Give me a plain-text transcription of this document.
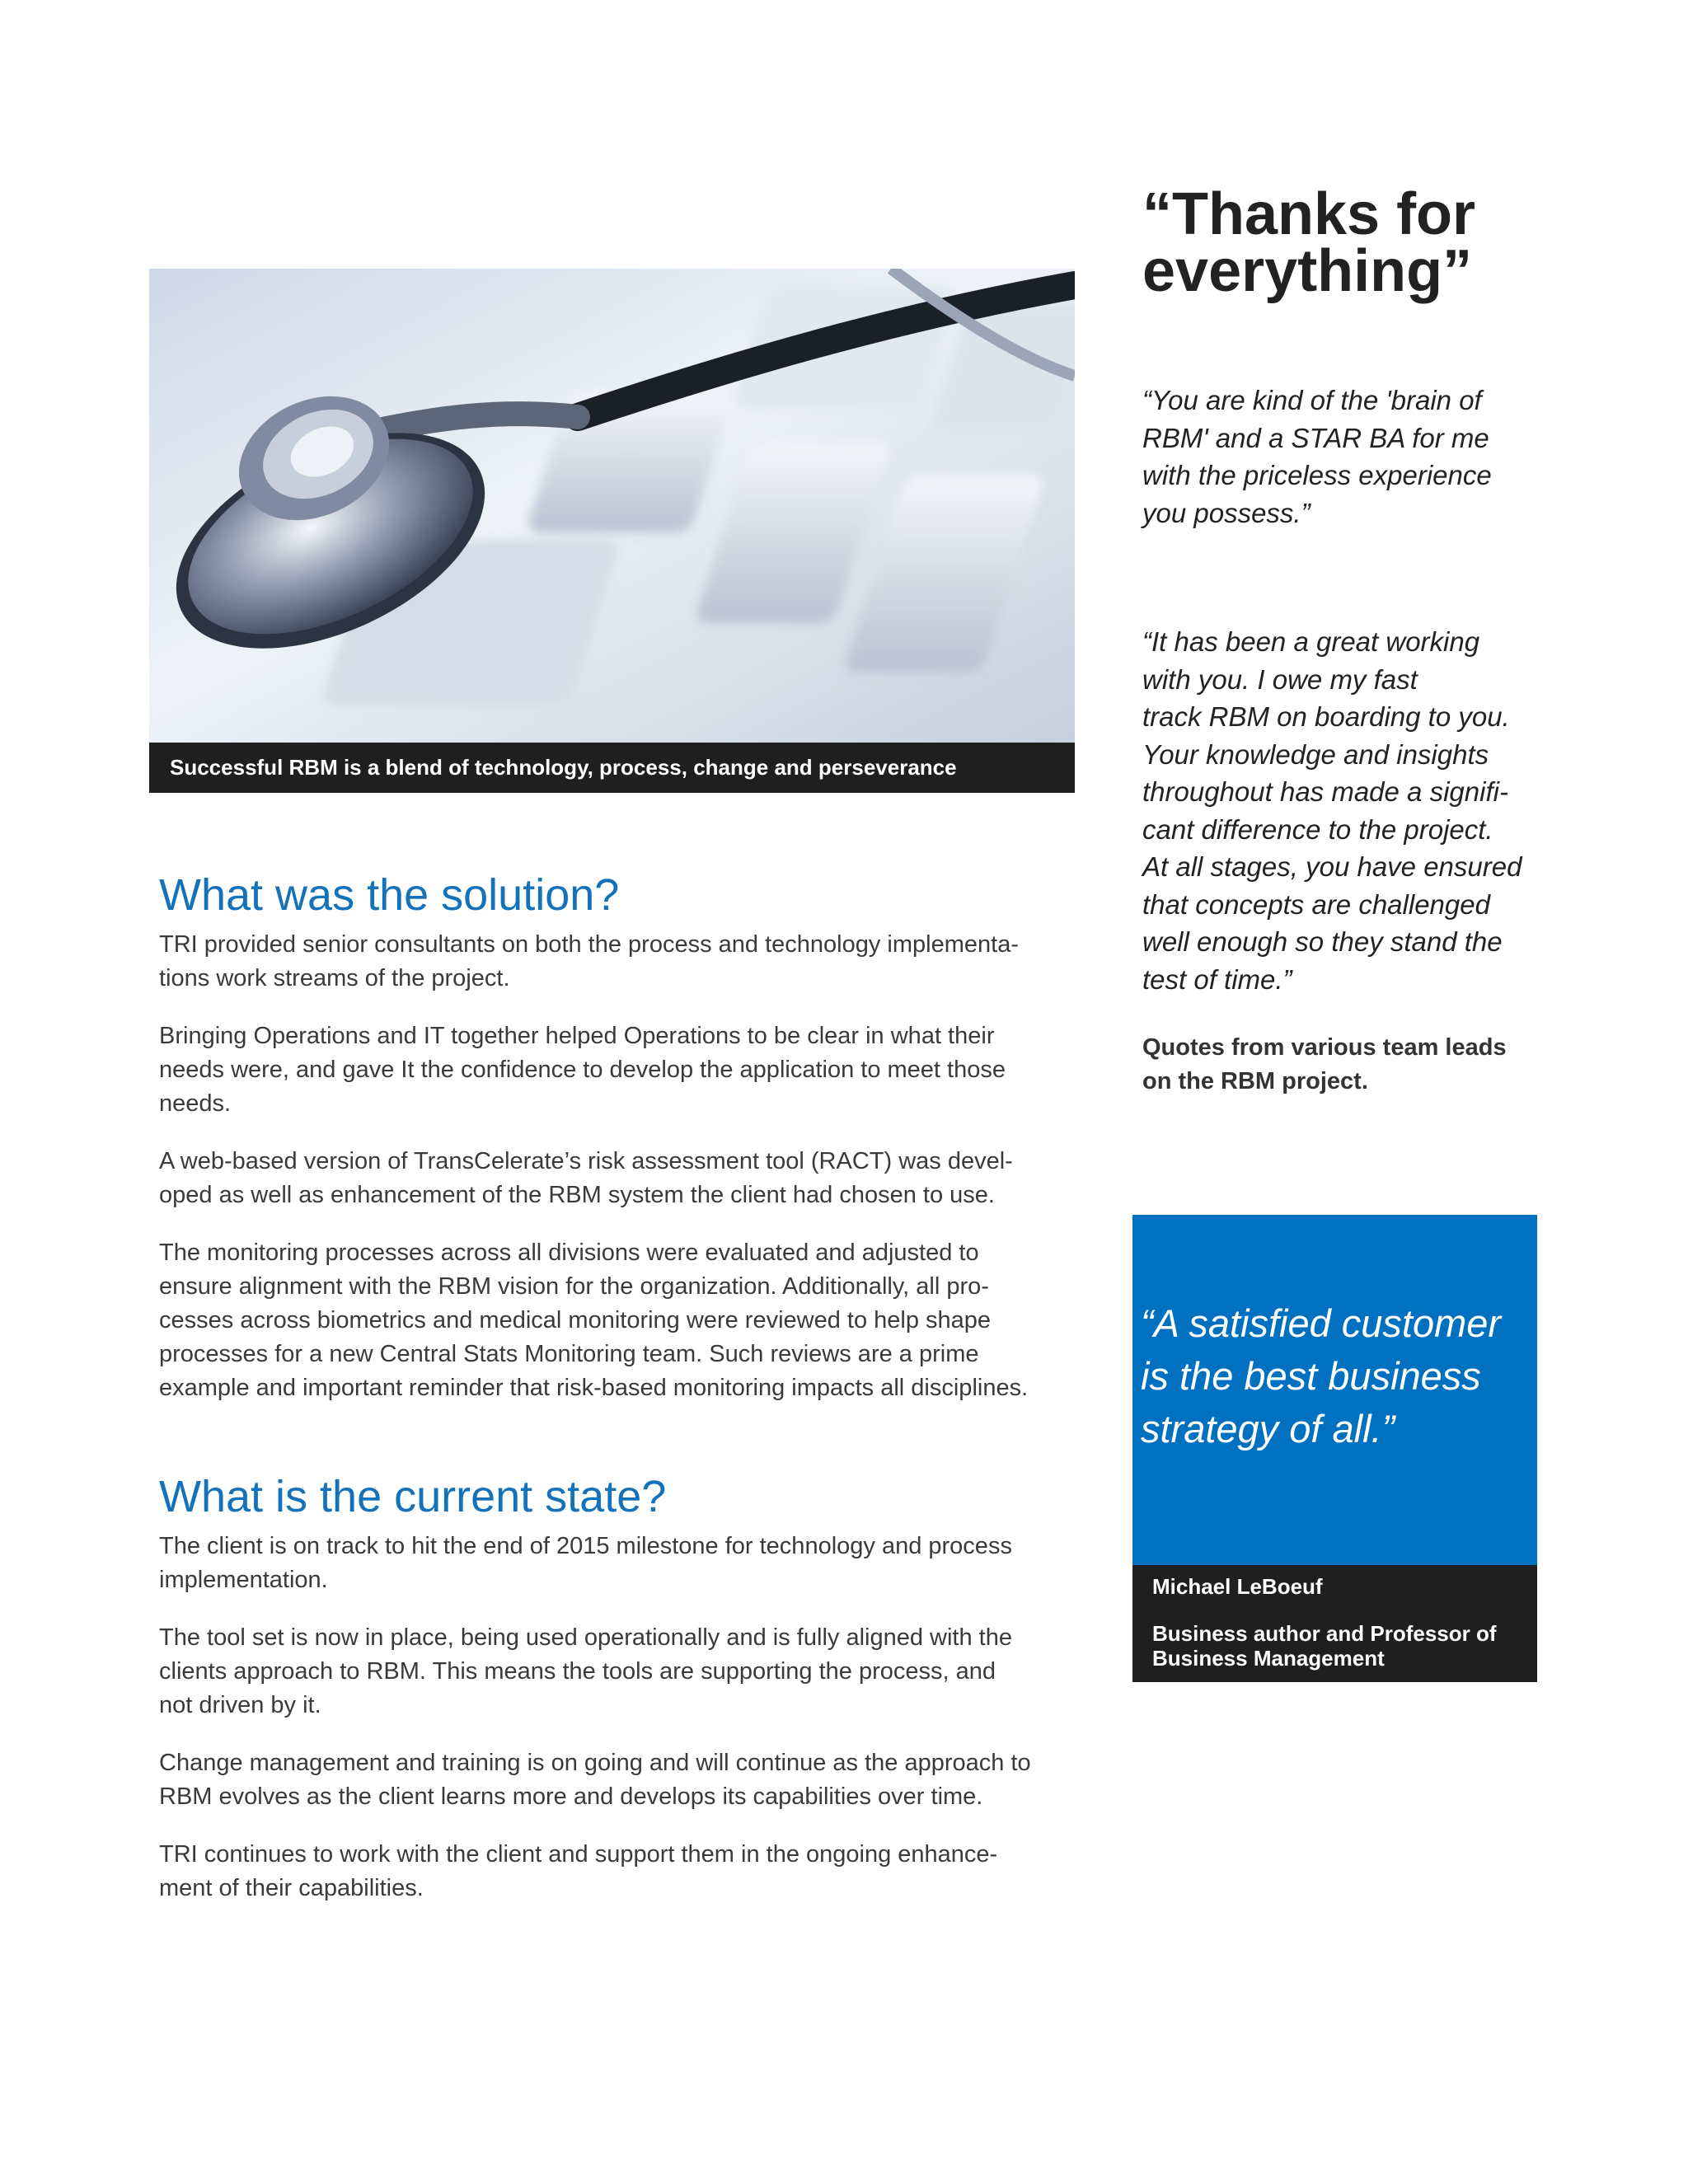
Successful RBM is a blend of technology, process, change and perseverance
What was the solution?

TRI provided senior consultants on both the process and technology implementa-
tions work streams of the project.

Bringing Operations and IT together helped Operations to be clear in what their
needs were, and gave It the confidence to develop the application to meet those
needs.

A web-based version of TransCelerate’s risk assessment tool (RACT) was devel-
oped as well as enhancement of the RBM system the client had chosen to use.

The monitoring processes across all divisions were evaluated and adjusted to
ensure alignment with the RBM vision for the organization. Additionally, all pro-
cesses across biometrics and medical monitoring were reviewed to help shape
processes for a new Central Stats Monitoring team. Such reviews are a prime
example and important reminder that risk-based monitoring impacts all disciplines.

What is the current state?

The client is on track to hit the end of 2015 milestone for technology and process
implementation.

The tool set is now in place, being used operationally and is fully aligned with the
clients approach to RBM. This means the tools are supporting the process, and
not driven by it.

Change management and training is on going and will continue as the approach to
RBM evolves as the client learns more and develops its capabilities over time.

TRI continues to work with the client and support them in the ongoing enhance-
ment of their capabilities.

“Thanks for
everything”

“You are kind of the 'brain of
RBM' and a STAR BA for me
with the priceless experience
you possess.”

“It has been a great working
with you. I owe my fast
track RBM on boarding to you.
Your knowledge and insights
throughout has made a signifi-
cant difference to the project.
At all stages, you have ensured
that concepts are challenged
well enough so they stand the
test of time.”

Quotes from various team leads
on the RBM project.

“A satisfied customer
is the best business
strategy of all.”

Michael LeBoeuf

Business author and Professor of
Business Management
